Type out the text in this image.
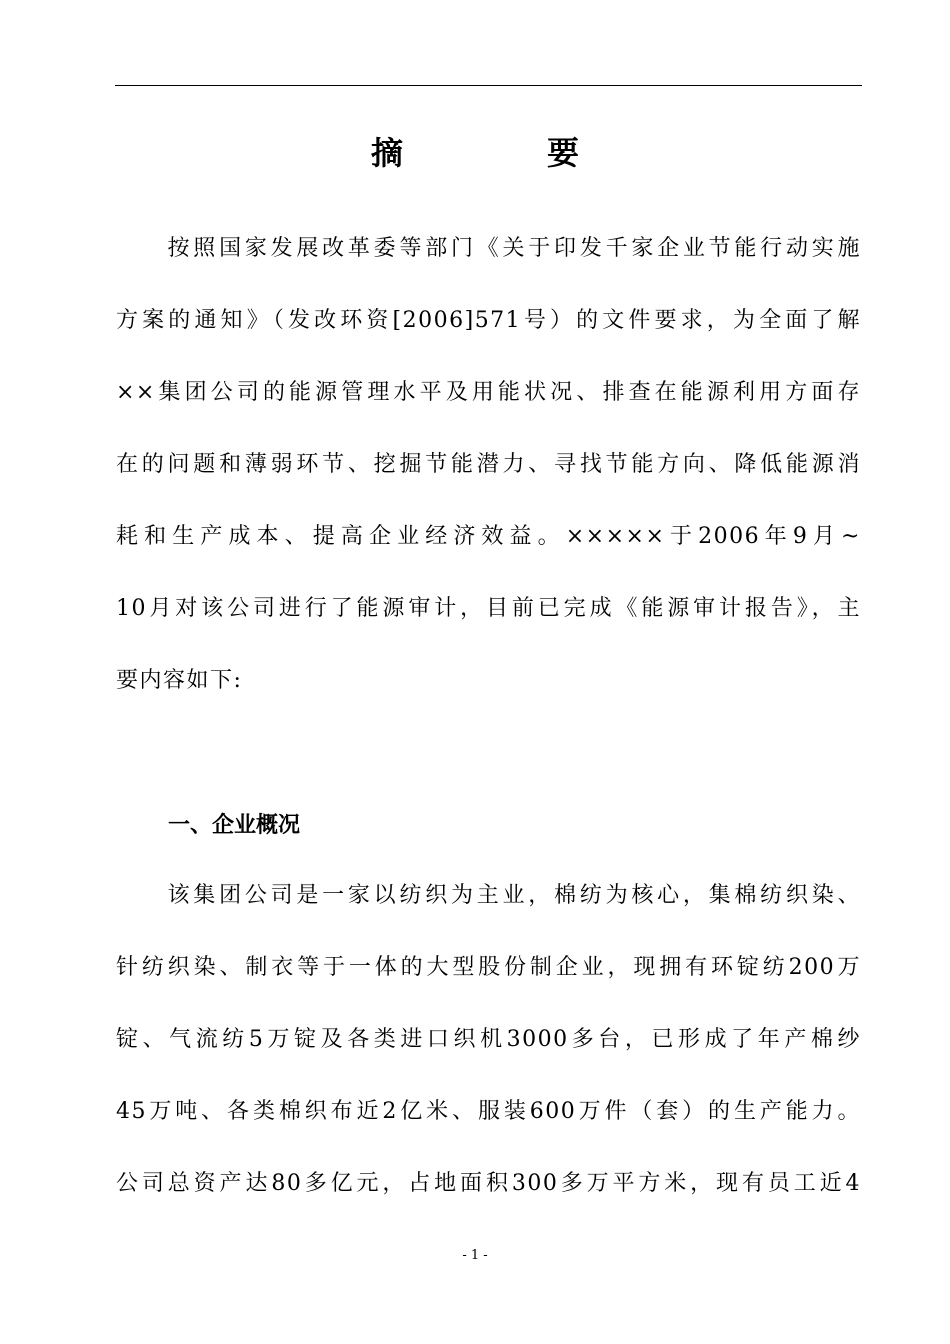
摘　要
　　按照国家发展改革委等部门《关于印发千家企业节能行动实施
方案的通知》（发改环资[2006]571号）的文件要求，为全面了解
××集团公司的能源管理水平及用能状况、排查在能源利用方面存
在的问题和薄弱环节、挖掘节能潜力、寻找节能方向、降低能源消
耗和生产成本、提高企业经济效益。×××××于2006年9月~
10月对该公司进行了能源审计，目前已完成《能源审计报告》，主
要内容如下:
一、企业概况
　　该集团公司是一家以纺织为主业，棉纺为核心，集棉纺织染、
针纺织染、制衣等于一体的大型股份制企业，现拥有环锭纺200万
锭、气流纺5万锭及各类进口织机3000多台，已形成了年产棉纱
45万吨、各类棉织布近2亿米、服装600万件（套）的生产能力。
公司总资产达80多亿元，占地面积300多万平方米，现有员工近4
- 1 -
